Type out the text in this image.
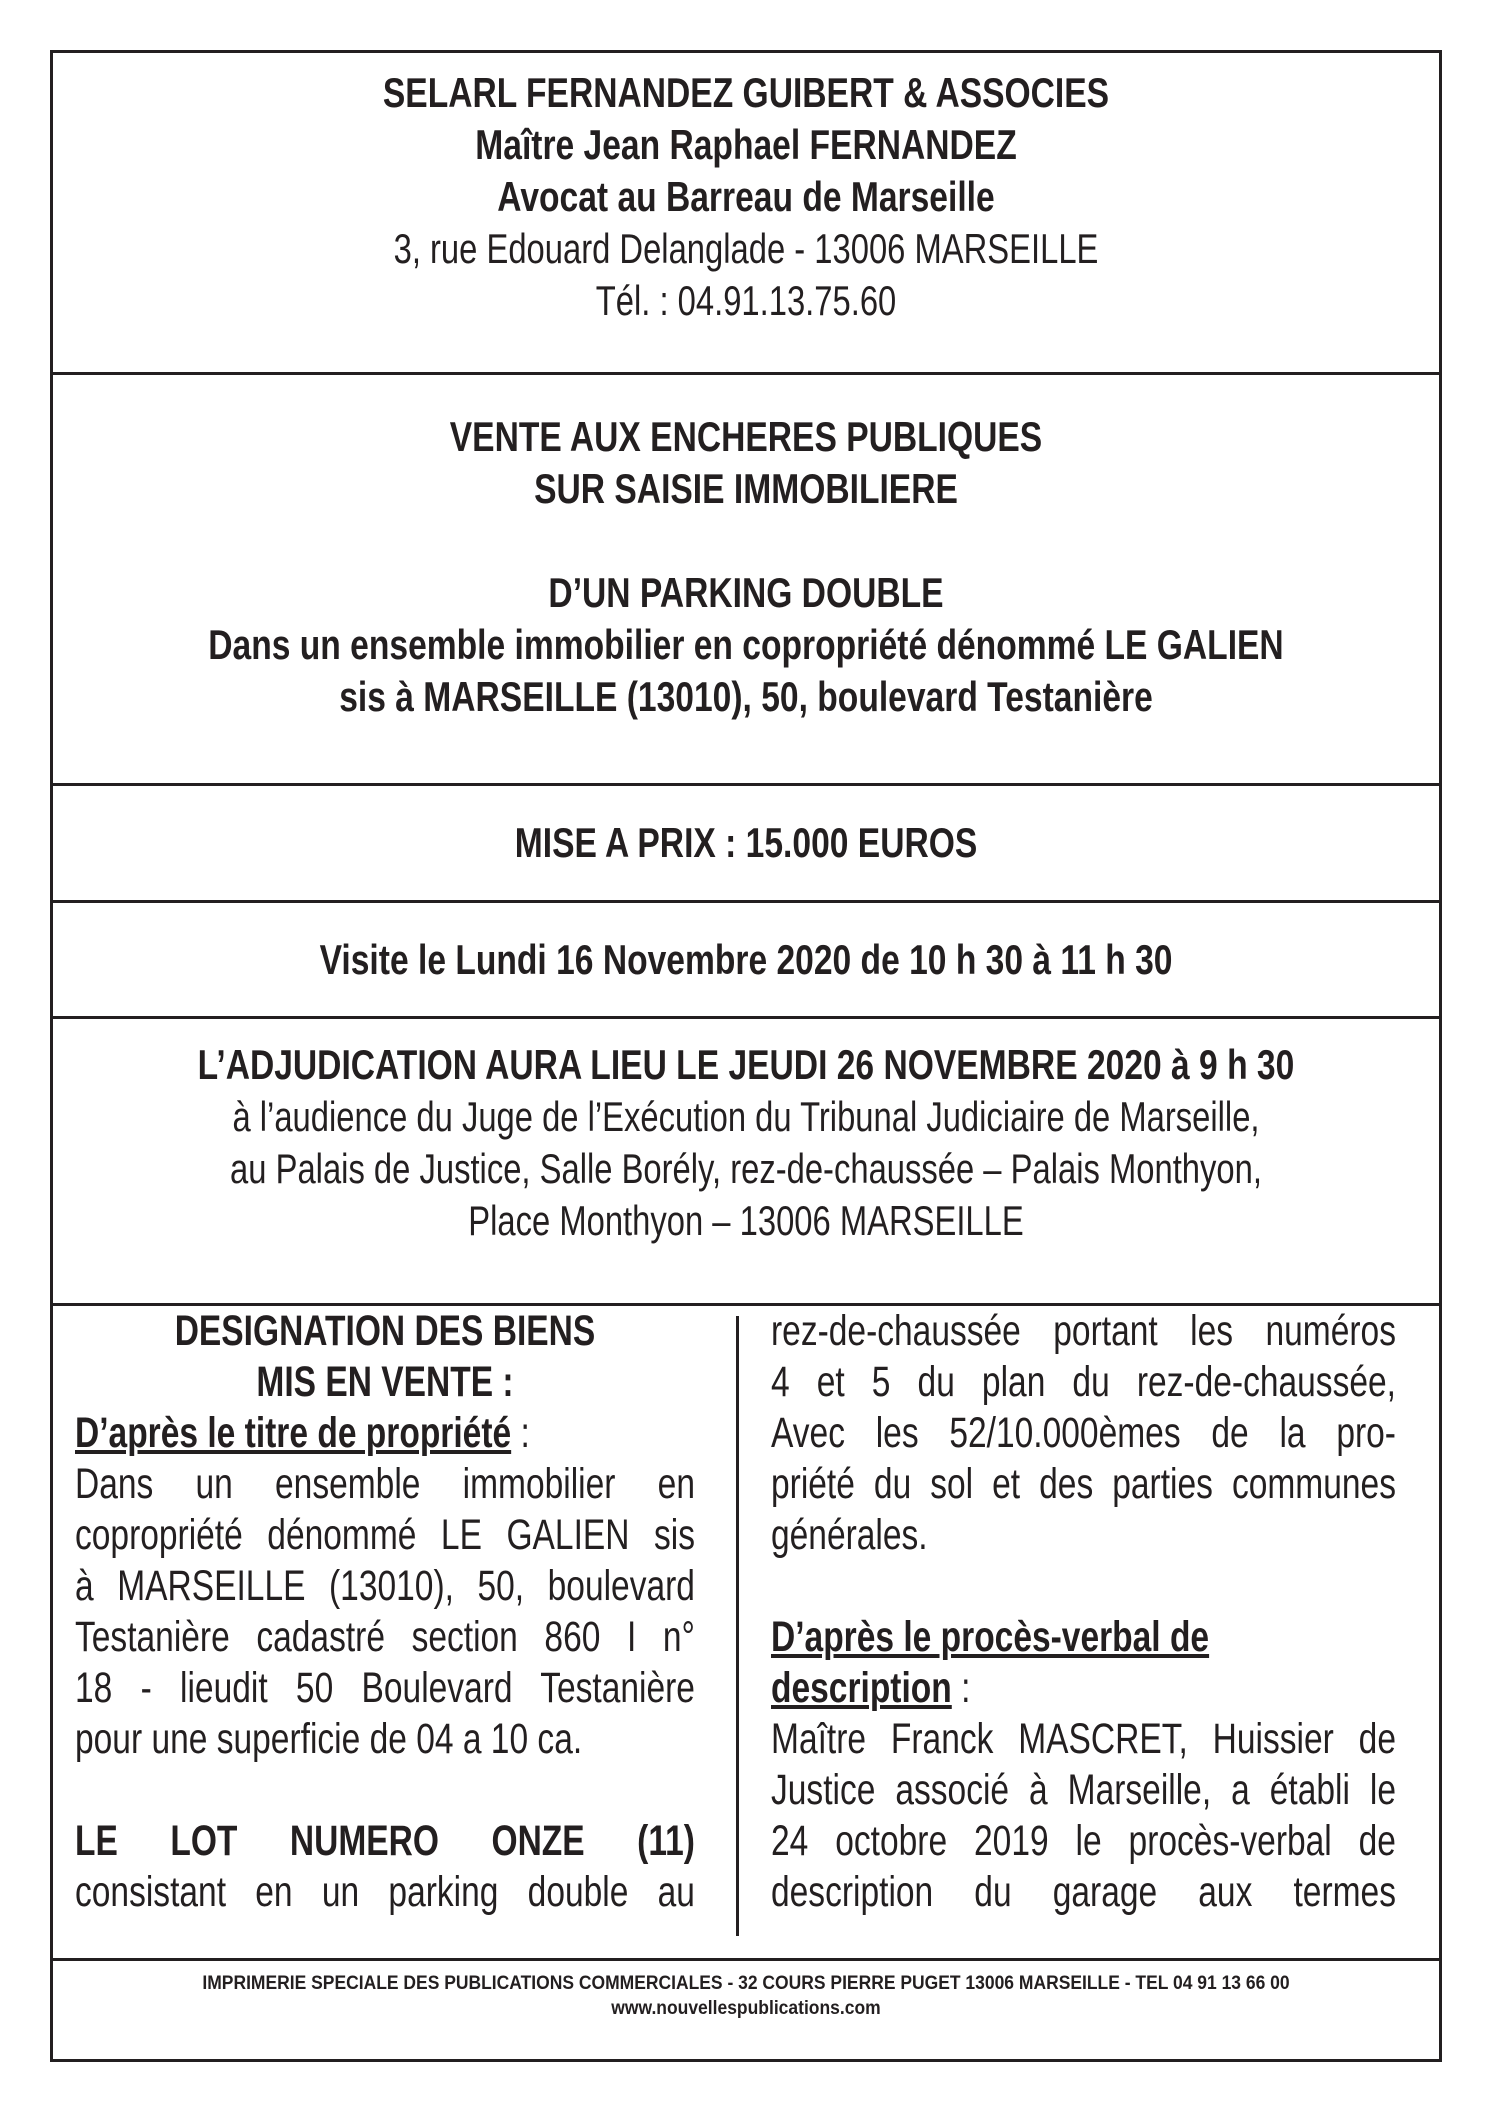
SELARL FERNANDEZ GUIBERT & ASSOCIES
Maître Jean Raphael FERNANDEZ
Avocat au Barreau de Marseille
3, rue Edouard Delanglade - 13006 MARSEILLE
Tél. : 04.91.13.75.60
VENTE AUX ENCHERES PUBLIQUES
SUR SAISIE IMMOBILIERE
D’UN PARKING DOUBLE
Dans un ensemble immobilier en copropriété dénommé LE GALIEN
sis à MARSEILLE (13010), 50, boulevard Testanière
MISE A PRIX : 15.000 EUROS
Visite le Lundi 16 Novembre 2020 de 10 h 30 à 11 h 30
L’ADJUDICATION AURA LIEU LE JEUDI 26 NOVEMBRE 2020 à 9 h 30
à l’audience du Juge de l’Exécution du Tribunal Judiciaire de Marseille,
au Palais de Justice, Salle Borély, rez-de-chaussée – Palais Monthyon,
Place Monthyon – 13006 MARSEILLE
DESIGNATION DES BIENS
MIS EN VENTE :
D’après le titre de propriété :
Dans un ensemble immobilier en
copropriété dénommé LE GALIEN sis
à MARSEILLE (13010), 50, boulevard
Testanière cadastré section 860 I n°
18 - lieudit 50 Boulevard Testanière
pour une superficie de 04 a 10 ca.

LE LOT NUMERO ONZE (11)
consistant en un parking double au
rez-de-chaussée portant les numéros
4 et 5 du plan du rez-de-chaussée,
Avec les 52/10.000èmes de la pro-
priété du sol et des parties communes
générales.

D’après le procès-verbal de
description :
Maître Franck MASCRET, Huissier de
Justice associé à Marseille, a établi le
24 octobre 2019 le procès-verbal de
description du garage aux termes
IMPRIMERIE SPECIALE DES PUBLICATIONS COMMERCIALES - 32 COURS PIERRE PUGET 13006 MARSEILLE - TEL 04 91 13 66 00
www.nouvellespublications.com
